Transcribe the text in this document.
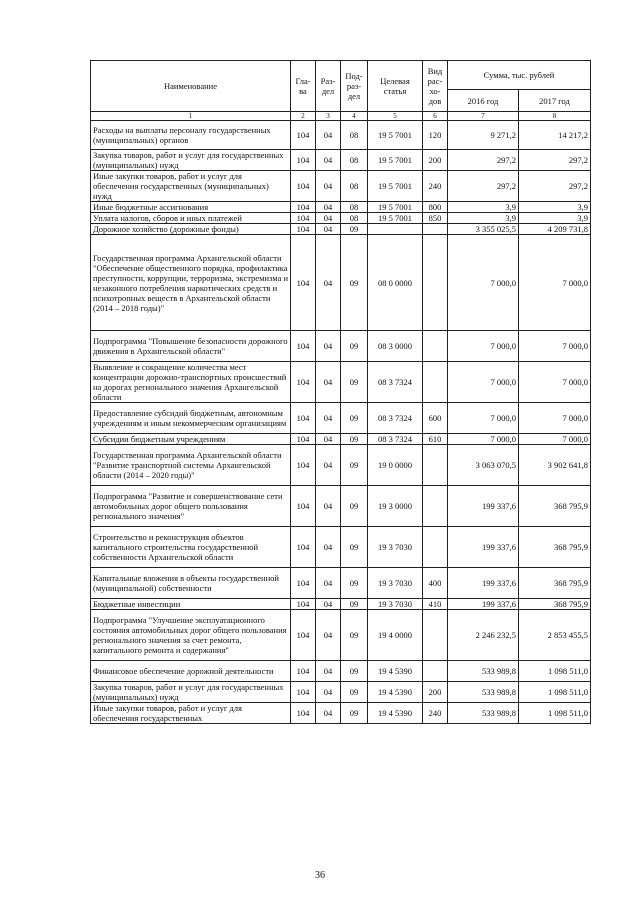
Наименование	Гла-ва	Раз-дел	Под-раз-дел	Целевая статья	Вид рас-хо-дов	Сумма, тыс. рублей	
						2016 год	2017 год
1	2	3	4	5	6	7	8
Расходы на выплаты персоналу государственных (муниципальных) органов	104	04	08	19 5 7001	120	9 271,2	14 217,2
Закупка товаров, работ и услуг для государственных (муниципальных) нужд	104	04	08	19 5 7001	200	297,2	297,2
Иные закупки товаров, работ и услуг для обеспечения государственных (муниципальных) нужд	104	04	08	19 5 7001	240	297,2	297,2
Иные бюджетные ассигнования	104	04	08	19 5 7001	800	3,9	3,9
Уплата налогов, сборов и иных платежей	104	04	08	19 5 7001	850	3,9	3,9
Дорожное хозяйство (дорожные фонды)	104	04	09			3 355 025,5	4 209 731,8
Государственная программа Архангельской области "Обеспечение общественного порядка, профилактика преступности, коррупции, терроризма, экстремизма и незаконного потребления наркотических средств и психотропных веществ в Архангельской области (2014 – 2018 годы)"	104	04	09	08 0 0000		7 000,0	7 000,0
Подпрограмма "Повышение безопасности дорожного движения в Архангельской области"	104	04	09	08 3 0000		7 000,0	7 000,0
Выявление и сокращение количества мест концентрации дорожно-транспортных происшествий на дорогах регионального значения Архангельской области	104	04	09	08 3 7324		7 000,0	7 000,0
Предоставление субсидий бюджетным, автономным учреждениям и иным некоммерческим организациям	104	04	09	08 3 7324	600	7 000,0	7 000,0
Субсидии бюджетным учреждениям	104	04	09	08 3 7324	610	7 000,0	7 000,0
Государственная программа Архангельской области "Развитие транспортной системы Архангельской области (2014 – 2020 годы)"	104	04	09	19 0 0000		3 063 070,5	3 902 641,8
Подпрограмма "Развитие и совершенствование сети автомобильных дорог общего пользования регионального значения"	104	04	09	19 3 0000		199 337,6	368 795,9
Строительство и реконструкция объектов капитального строительства государственной собственности Архангельской области	104	04	09	19 3 7030		199 337,6	368 795,9
Капитальные вложения в объекты государственной (муниципальной) собственности	104	04	09	19 3 7030	400	199 337,6	368 795,9
Бюджетные инвестиции	104	04	09	19 3 7030	410	199 337,6	368 795,9
Подпрограмма "Улучшение эксплуатационного состояния автомобильных дорог общего пользования регионального значения за счет ремонта, капитального ремонта и содержания"	104	04	09	19 4 0000		2 246 232,5	2 853 455,5
Финансовое обеспечение дорожной деятельности	104	04	09	19 4 5390		533 989,8	1 098 511,0
Закупка товаров, работ и услуг для государственных (муниципальных) нужд	104	04	09	19 4 5390	200	533 989,8	1 098 511,0
Иные закупки товаров, работ и услуг для обеспечения государственных	104	04	09	19 4 5390	240	533 989,8	1 098 511,0
36
